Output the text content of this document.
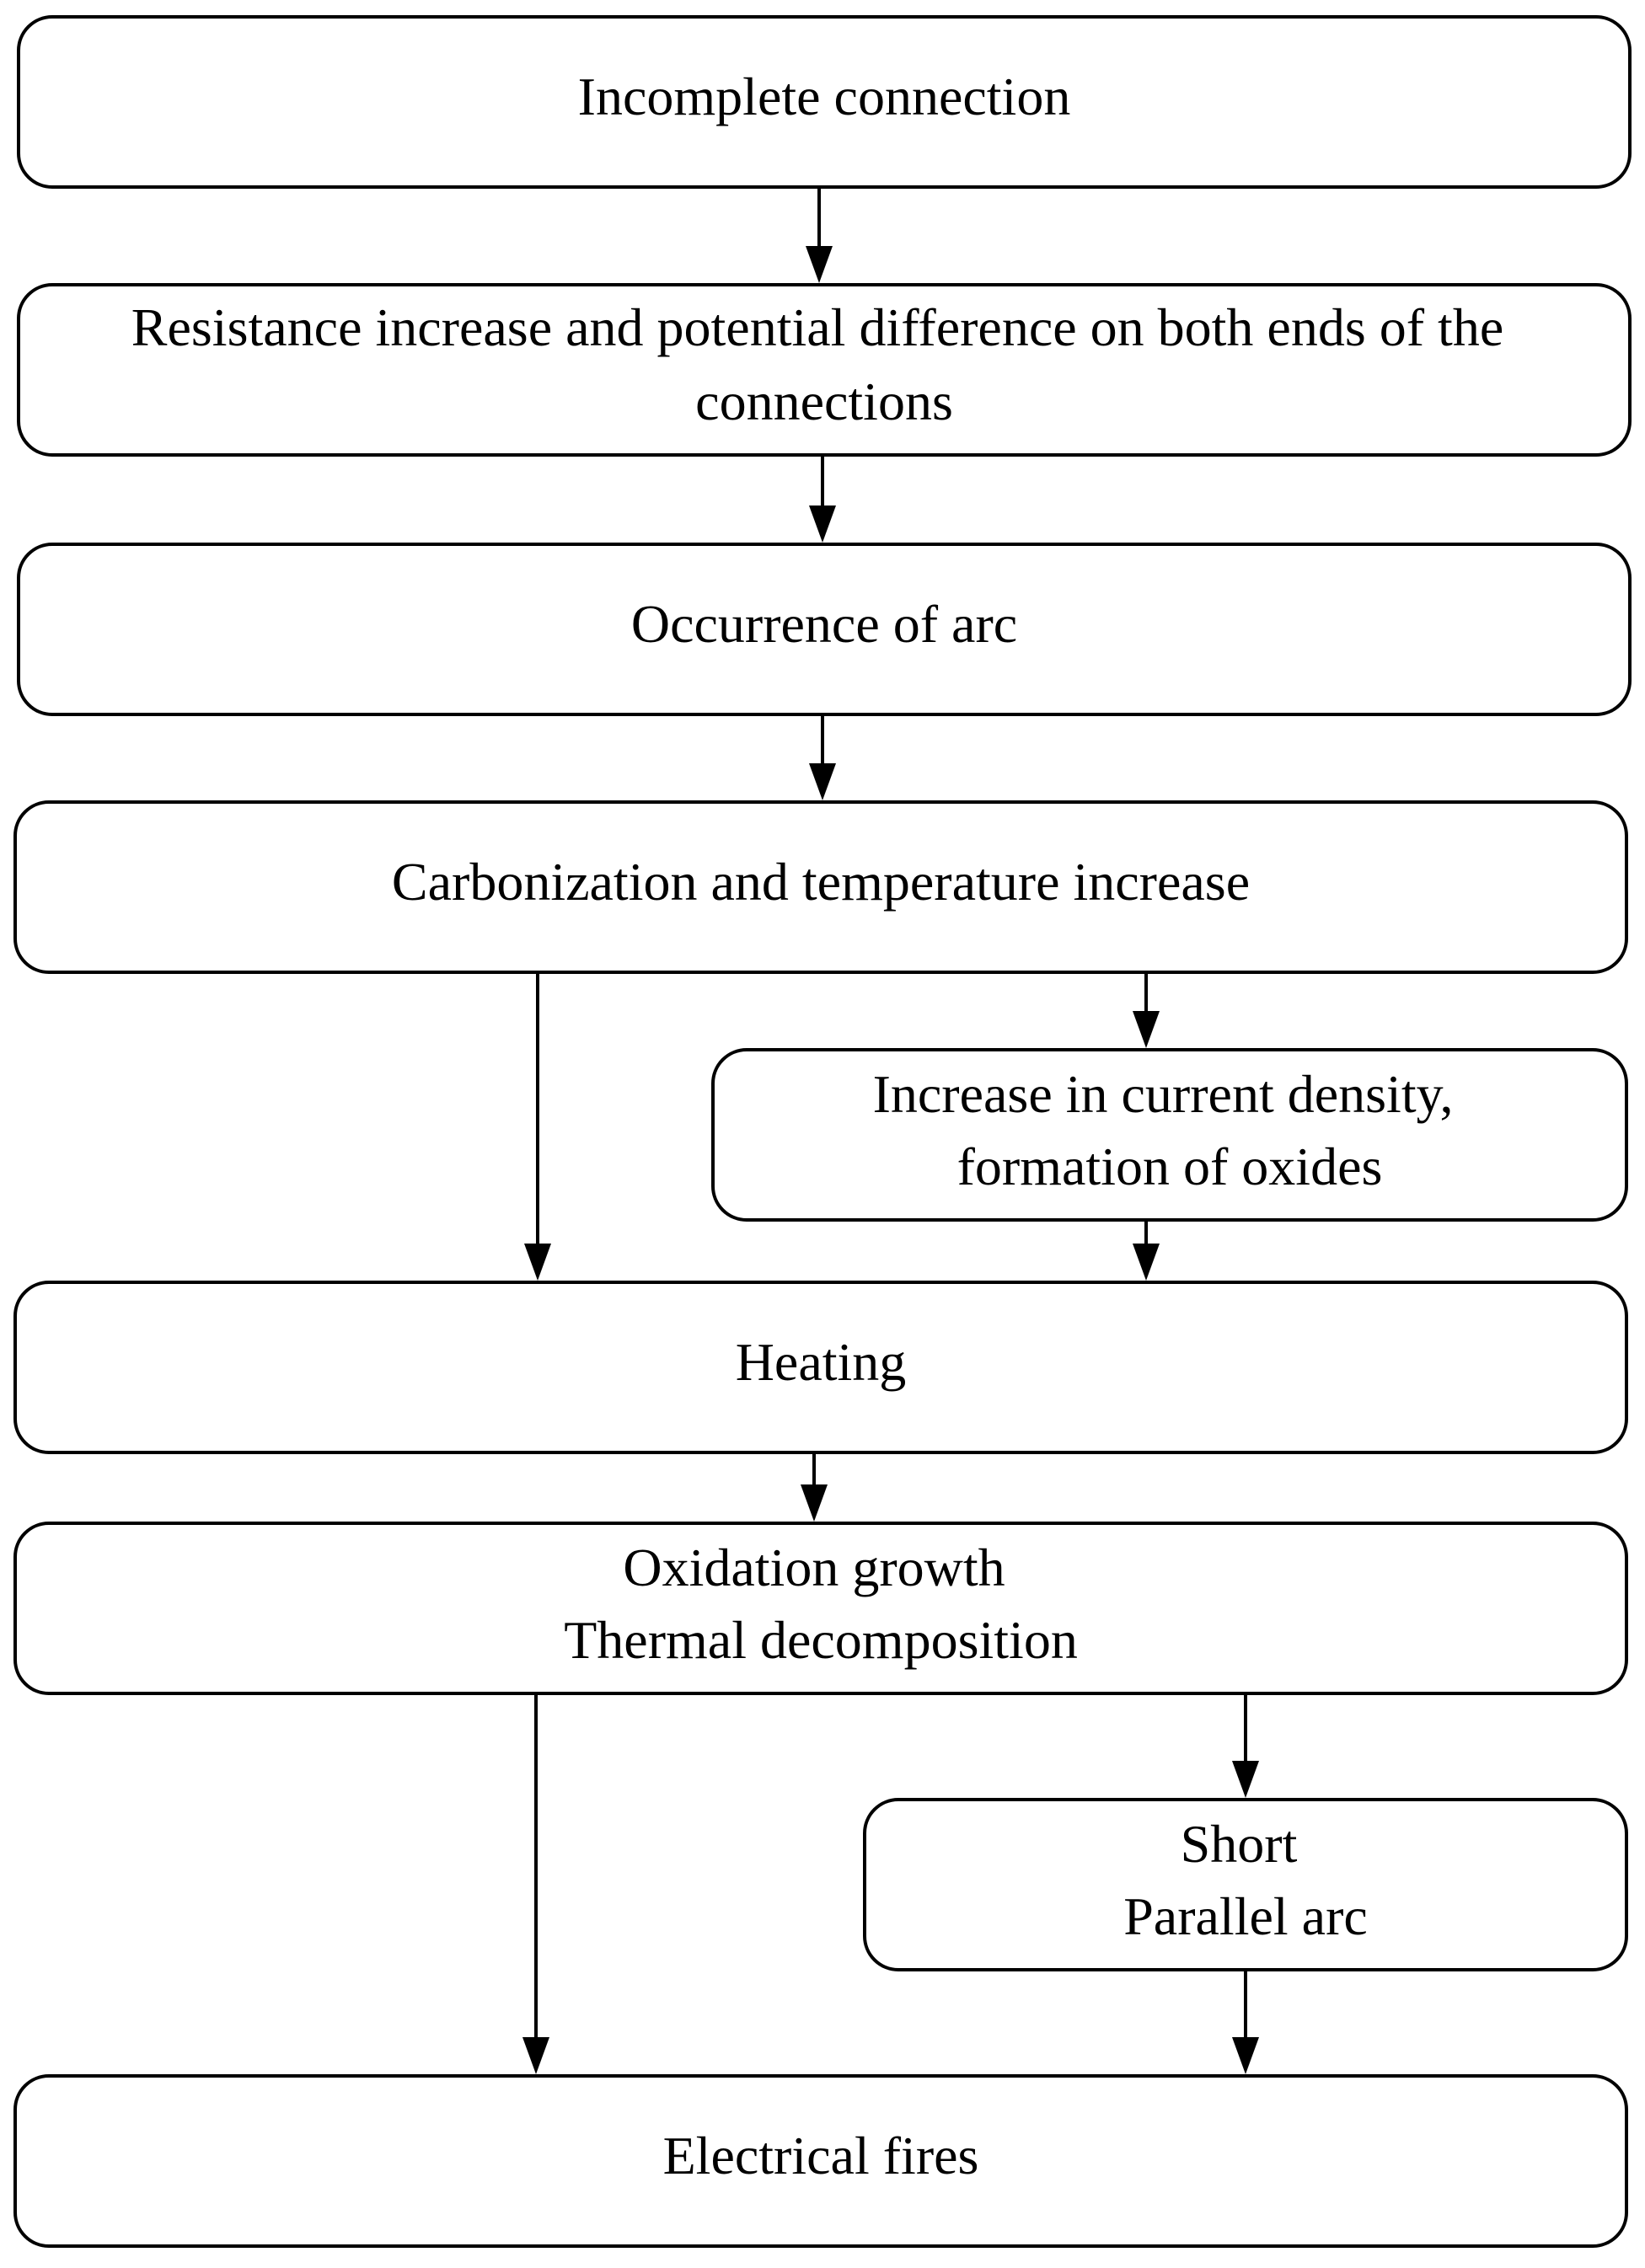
Incomplete connection
Resistance increase and potential difference on both ends of the connections
Occurrence of arc
Carbonization and temperature increase
Increase in current density, formation of oxides
Heating
Oxidation growth Thermal decomposition
Short Parallel arc
Electrical fires
